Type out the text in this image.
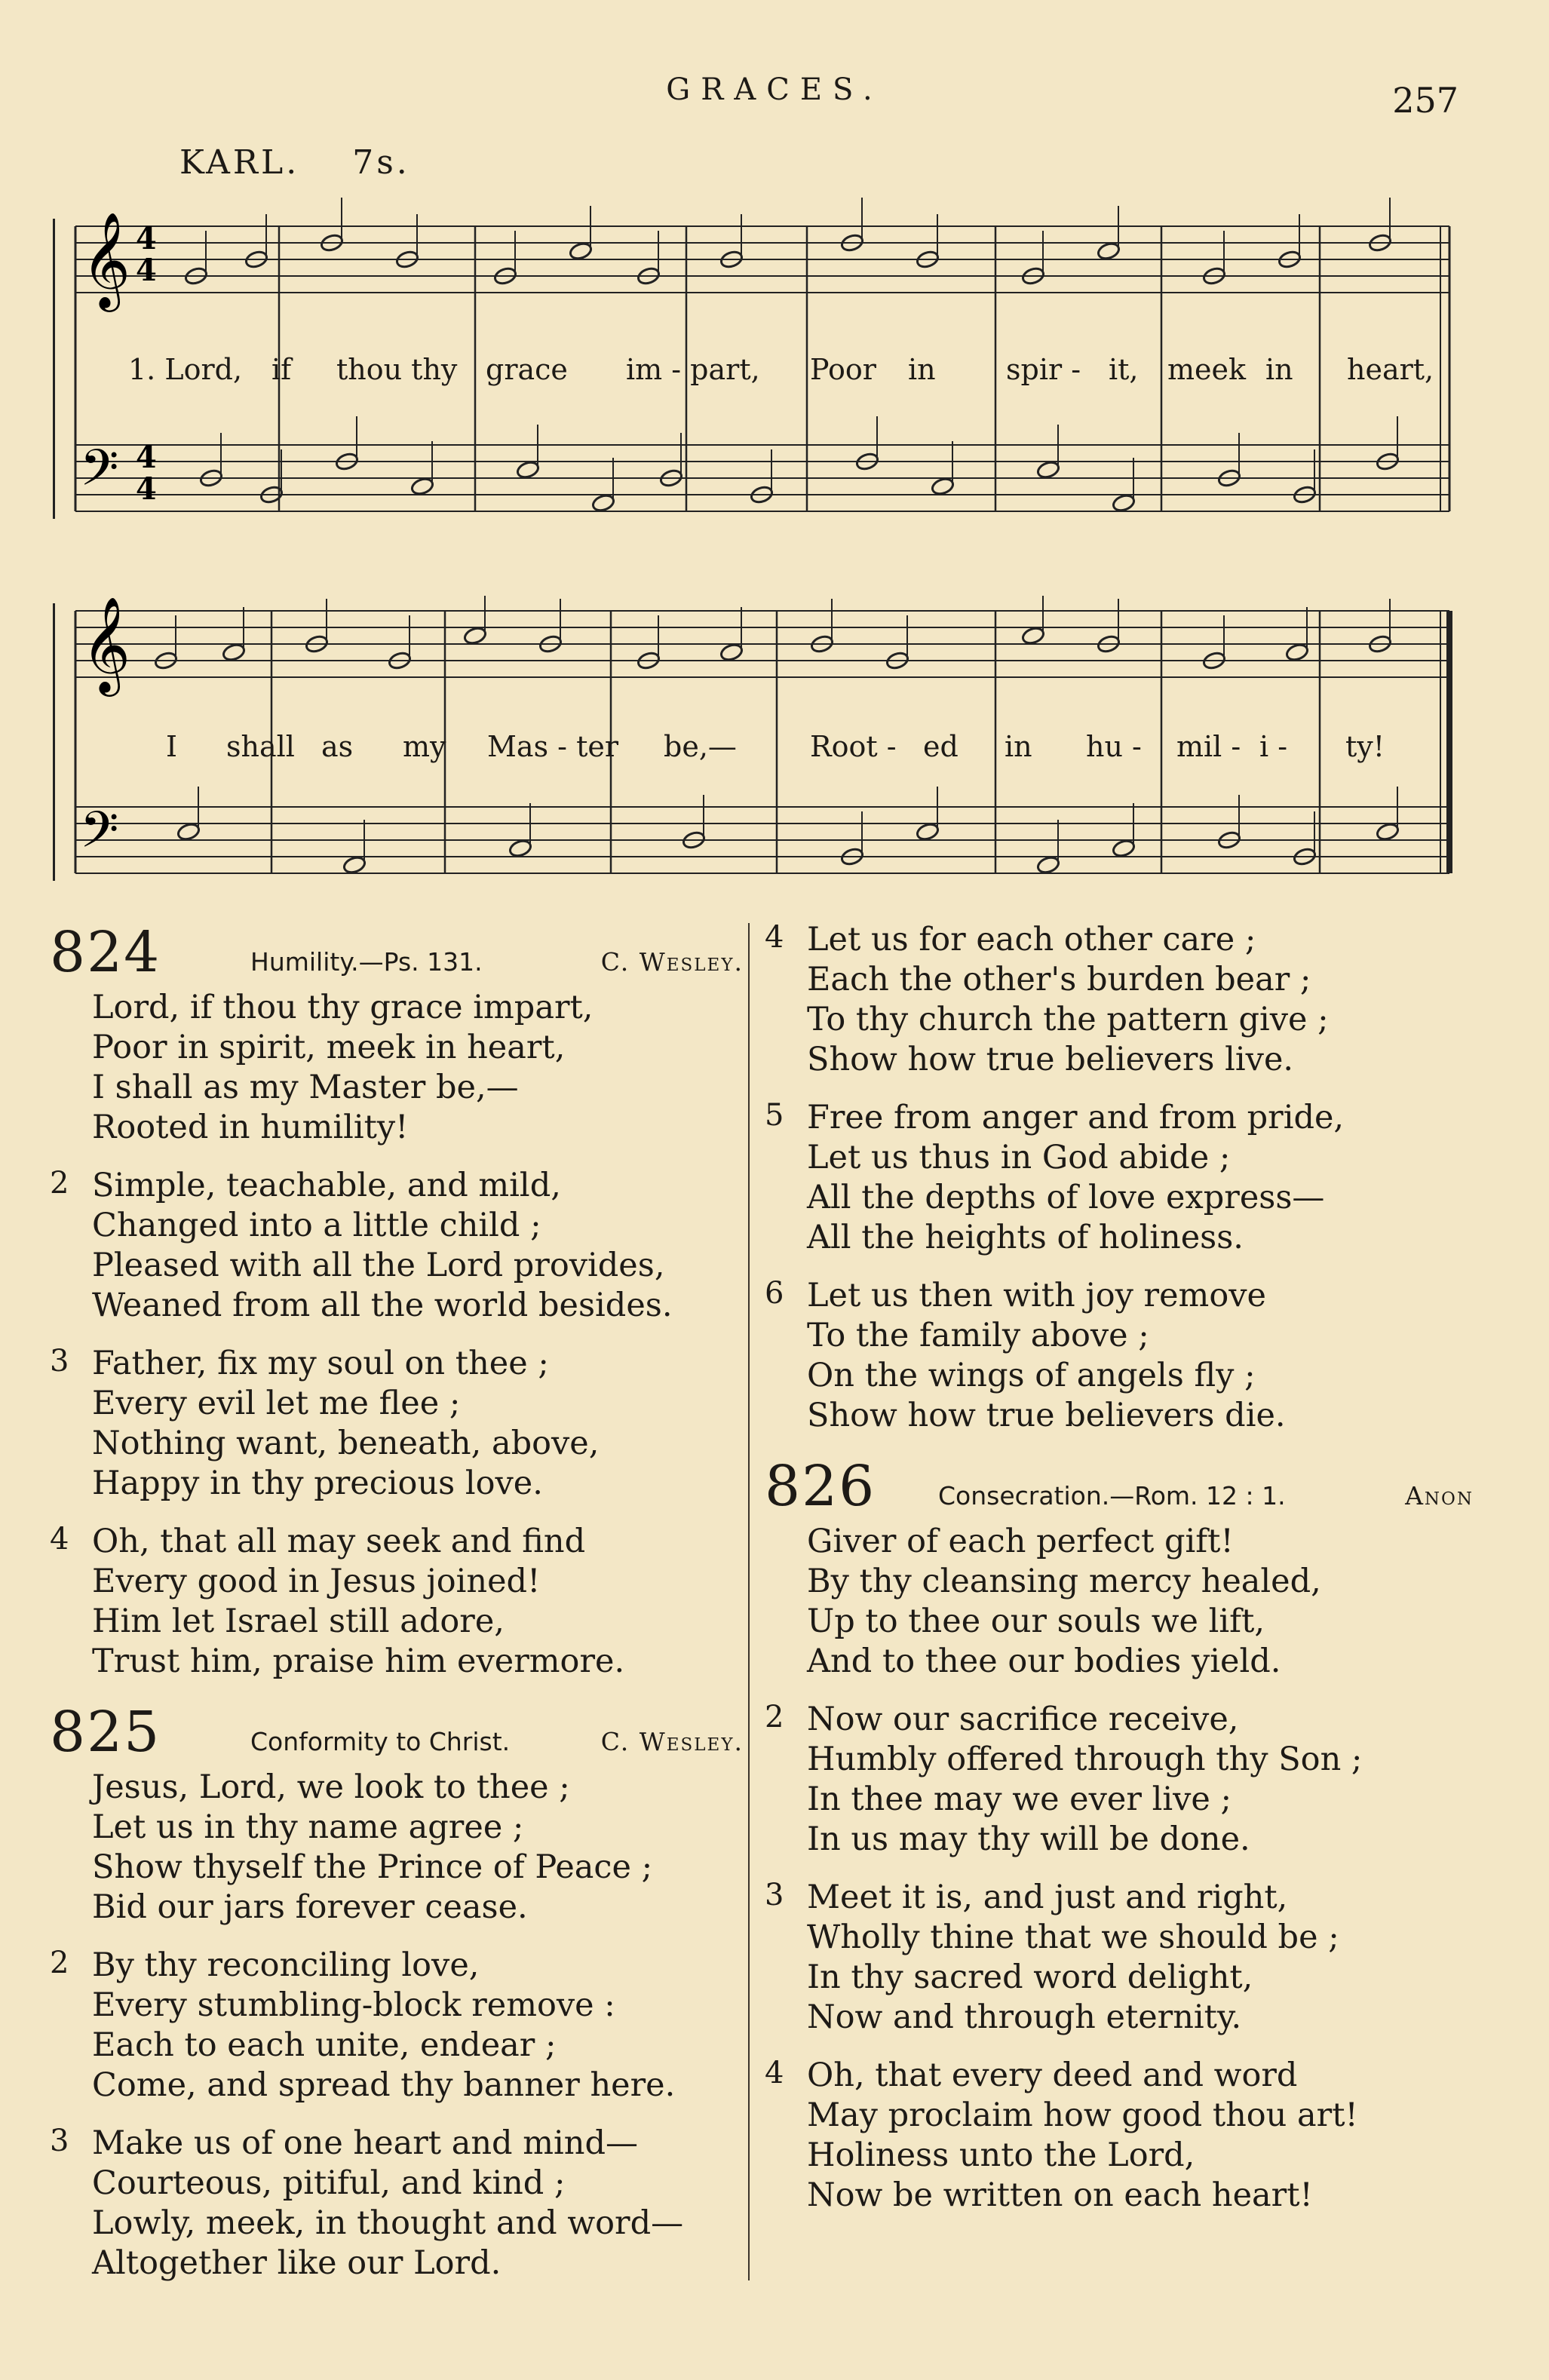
GRACES.	257
KARL. 7s.
𝄞
𝄢
4
4
4
4
1. Lord, if thou thy grace im - part, Poor in spir - it, meek in heart,
𝄞
𝄢
I shall as my Mas - ter be,—	Root - ed in hu - mil - i - ty!
824	Humility.—Ps. 131.	C. Wesley.
Lord, if thou thy grace impart,
Poor in spirit, meek in heart,
I shall as my Master be,—
Rooted in humility!
2 Simple, teachable, and mild,
Changed into a little child ;
Pleased with all the Lord provides,
Weaned from all the world besides.
3 Father, fix my soul on thee ;
Every evil let me flee ;
Nothing want, beneath, above,
Happy in thy precious love.
4 Oh, that all may seek and find
Every good in Jesus joined!
Him let Israel still adore,
Trust him, praise him evermore.
825	Conformity to Christ.	C. Wesley.
Jesus, Lord, we look to thee ;
Let us in thy name agree ;
Show thyself the Prince of Peace ;
Bid our jars forever cease.
2 By thy reconciling love,
Every stumbling-block remove :
Each to each unite, endear ;
Come, and spread thy banner here.
3 Make us of one heart and mind—
Courteous, pitiful, and kind ;
Lowly, meek, in thought and word—
Altogether like our Lord.
4 Let us for each other care ;
Each the other's burden bear ;
To thy church the pattern give ;
Show how true believers live.
5 Free from anger and from pride,
Let us thus in God abide ;
All the depths of love express—
All the heights of holiness.
6 Let us then with joy remove
To the family above ;
On the wings of angels fly ;
Show how true believers die.
826	Consecration.—Rom. 12 : 1.	Anon
Giver of each perfect gift!
By thy cleansing mercy healed,
Up to thee our souls we lift,
And to thee our bodies yield.
2 Now our sacrifice receive,
Humbly offered through thy Son ;
In thee may we ever live ;
In us may thy will be done.
3 Meet it is, and just and right,
Wholly thine that we should be ;
In thy sacred word delight,
Now and through eternity.
4 Oh, that every deed and word
May proclaim how good thou art!
Holiness unto the Lord,
Now be written on each heart!
